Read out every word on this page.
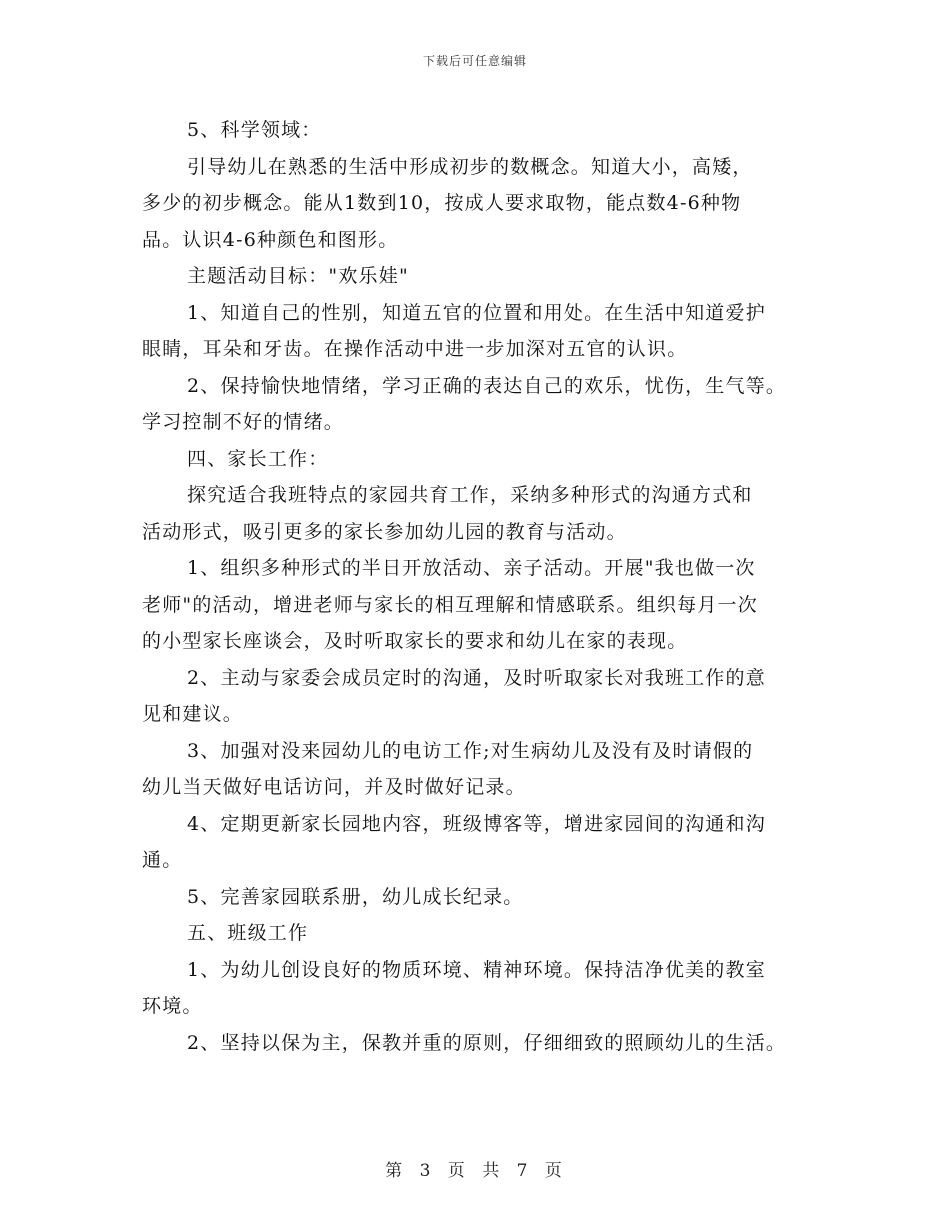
下载后可任意编辑
5、科学领域：
引导幼儿在熟悉的生活中形成初步的数概念。知道大小，高矮，
多少的初步概念。能从1数到10，按成人要求取物，能点数4-6种物
品。认识4-6种颜色和图形。
主题活动目标："欢乐娃"
1、知道自己的性别，知道五官的位置和用处。在生活中知道爱护
眼睛，耳朵和牙齿。在操作活动中进一步加深对五官的认识。
2、保持愉快地情绪，学习正确的表达自己的欢乐，忧伤，生气等。
学习控制不好的情绪。
四、家长工作：
探究适合我班特点的家园共育工作，采纳多种形式的沟通方式和
活动形式，吸引更多的家长参加幼儿园的教育与活动。
1、组织多种形式的半日开放活动、亲子活动。开展"我也做一次
老师"的活动，增进老师与家长的相互理解和情感联系。组织每月一次
的小型家长座谈会，及时听取家长的要求和幼儿在家的表现。
2、主动与家委会成员定时的沟通，及时听取家长对我班工作的意
见和建议。
3、加强对没来园幼儿的电访工作;对生病幼儿及没有及时请假的
幼儿当天做好电话访问，并及时做好记录。
4、定期更新家长园地内容，班级博客等，增进家园间的沟通和沟
通。
5、完善家园联系册，幼儿成长纪录。
五、班级工作
1、为幼儿创设良好的物质环境、精神环境。保持洁净优美的教室
环境。
2、坚持以保为主，保教并重的原则，仔细细致的照顾幼儿的生活。
第 3 页 共 7 页
